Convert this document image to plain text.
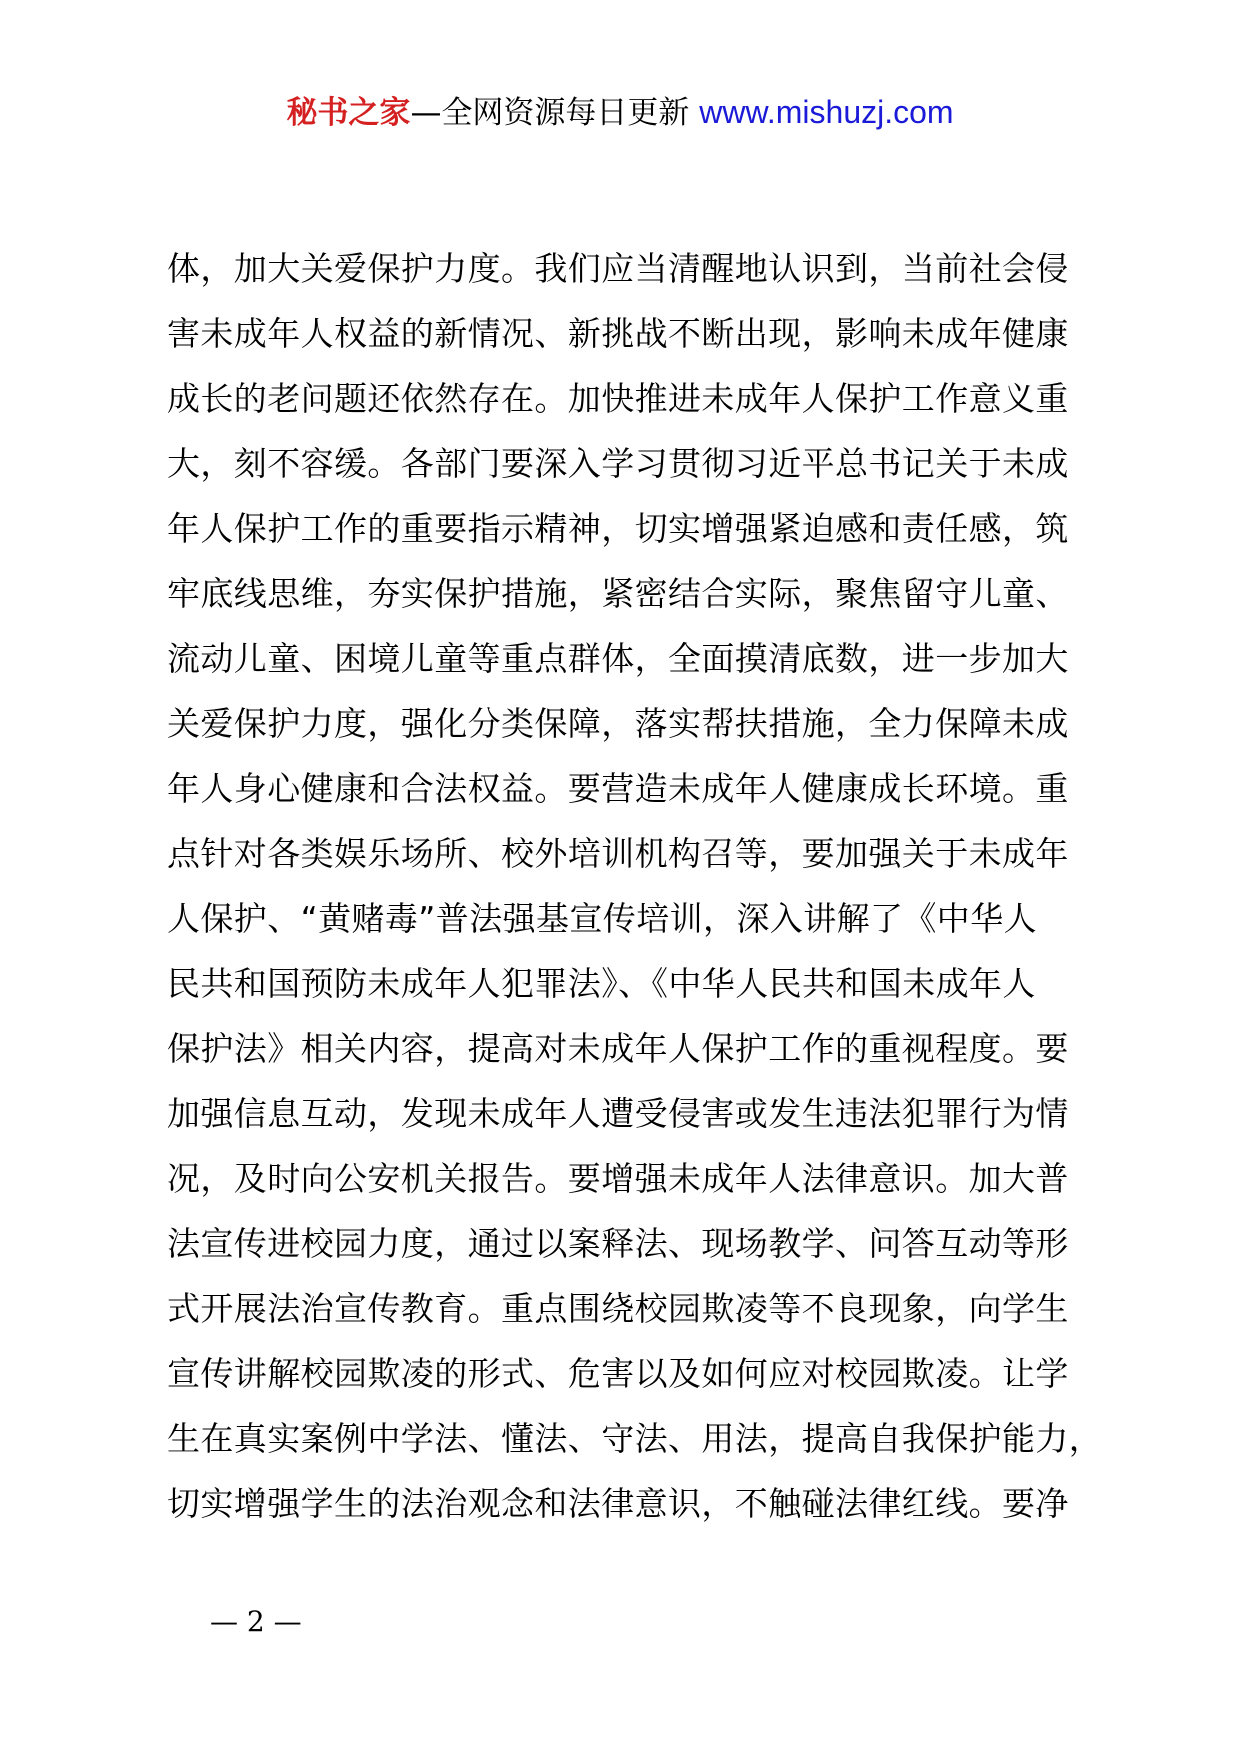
秘书之家—全网资源每日更新 www.mishuzj.com
体，加大关爱保护力度。我们应当清醒地认识到，当前社会侵
害未成年人权益的新情况、新挑战不断出现，影响未成年健康
成长的老问题还依然存在。加快推进未成年人保护工作意义重
大，刻不容缓。各部门要深入学习贯彻习近平总书记关于未成
年人保护工作的重要指示精神，切实增强紧迫感和责任感，筑
牢底线思维，夯实保护措施，紧密结合实际，聚焦留守儿童、
流动儿童、困境儿童等重点群体，全面摸清底数，进一步加大
关爱保护力度，强化分类保障，落实帮扶措施，全力保障未成
年人身心健康和合法权益。要营造未成年人健康成长环境。重
点针对各类娱乐场所、校外培训机构召等，要加强关于未成年
人保护、“黄赌毒”普法强基宣传培训，深入讲解了《中华人
民共和国预防未成年人犯罪法》、《中华人民共和国未成年人
保护法》相关内容，提高对未成年人保护工作的重视程度。要
加强信息互动，发现未成年人遭受侵害或发生违法犯罪行为情
况，及时向公安机关报告。要增强未成年人法律意识。加大普
法宣传进校园力度，通过以案释法、现场教学、问答互动等形
式开展法治宣传教育。重点围绕校园欺凌等不良现象，向学生
宣传讲解校园欺凌的形式、危害以及如何应对校园欺凌。让学
生在真实案例中学法、懂法、守法、用法，提高自我保护能力，
切实增强学生的法治观念和法律意识，不触碰法律红线。要净
— 2 —
